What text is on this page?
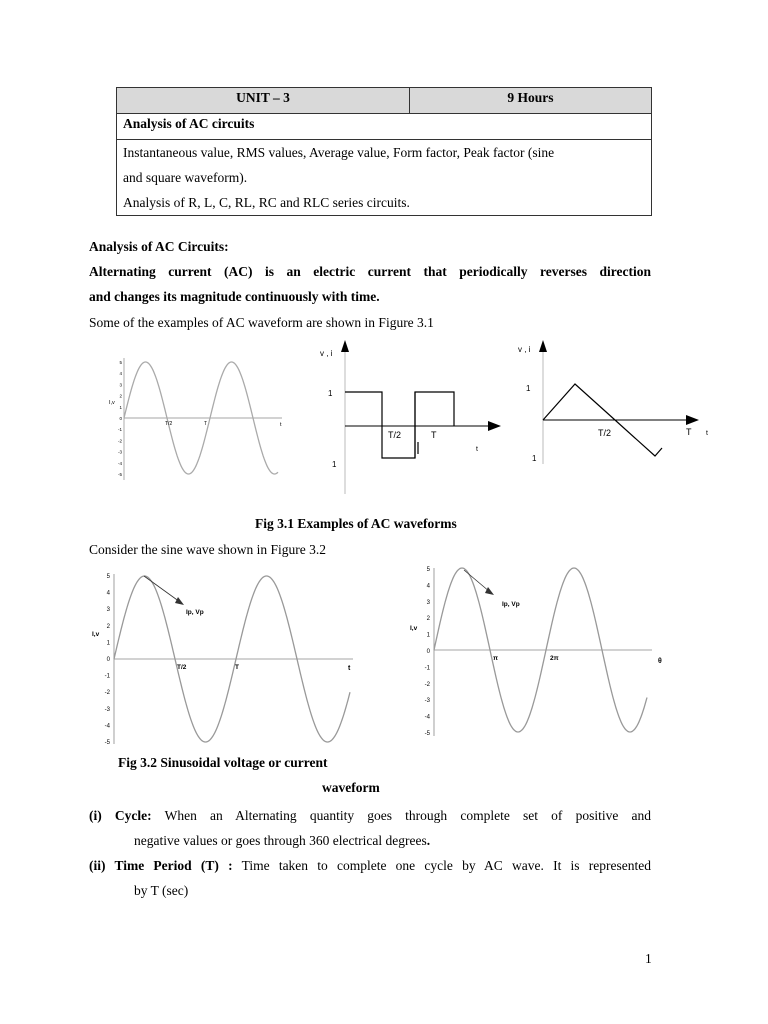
UNIT – 3	9 Hours
Analysis of AC circuits

Instantaneous value, RMS values, Average value, Form factor, Peak factor (sine
and square waveform).
Analysis of R, L, C, RL, RC and RLC series circuits.
Analysis of AC Circuits:
Alternating current (AC) is an electric current that periodically reverses direction
and changes its magnitude continuously with time.
Some of the examples of AC waveform are shown in Figure 3.1
5
4
3
2
1
0
-1
-2
-3
-4
-5
I,v
T/2	T	t
v , i
1
1
T/2	T
t
v , i
1
1
T/2	T t
Fig 3.1 Examples of AC waveforms
Consider the sine wave shown in Figure 3.2
5
4
3
2
1
0
-1
-2
-3
-4
-5
I,v
Ip, Vp
T/2	T	t
5
4
3
2
1
0
-1
-2
-3
-4
-5
I,v
Ip, Vp
π	2π	θ
Fig 3.2 Sinusoidal voltage or current
waveform
(i) Cycle: When an Alternating quantity goes through complete set of positive and
negative values or goes through 360 electrical degrees.
(ii) Time Period (T) : Time taken to complete one cycle by AC wave. It is represented
by T (sec)
1
